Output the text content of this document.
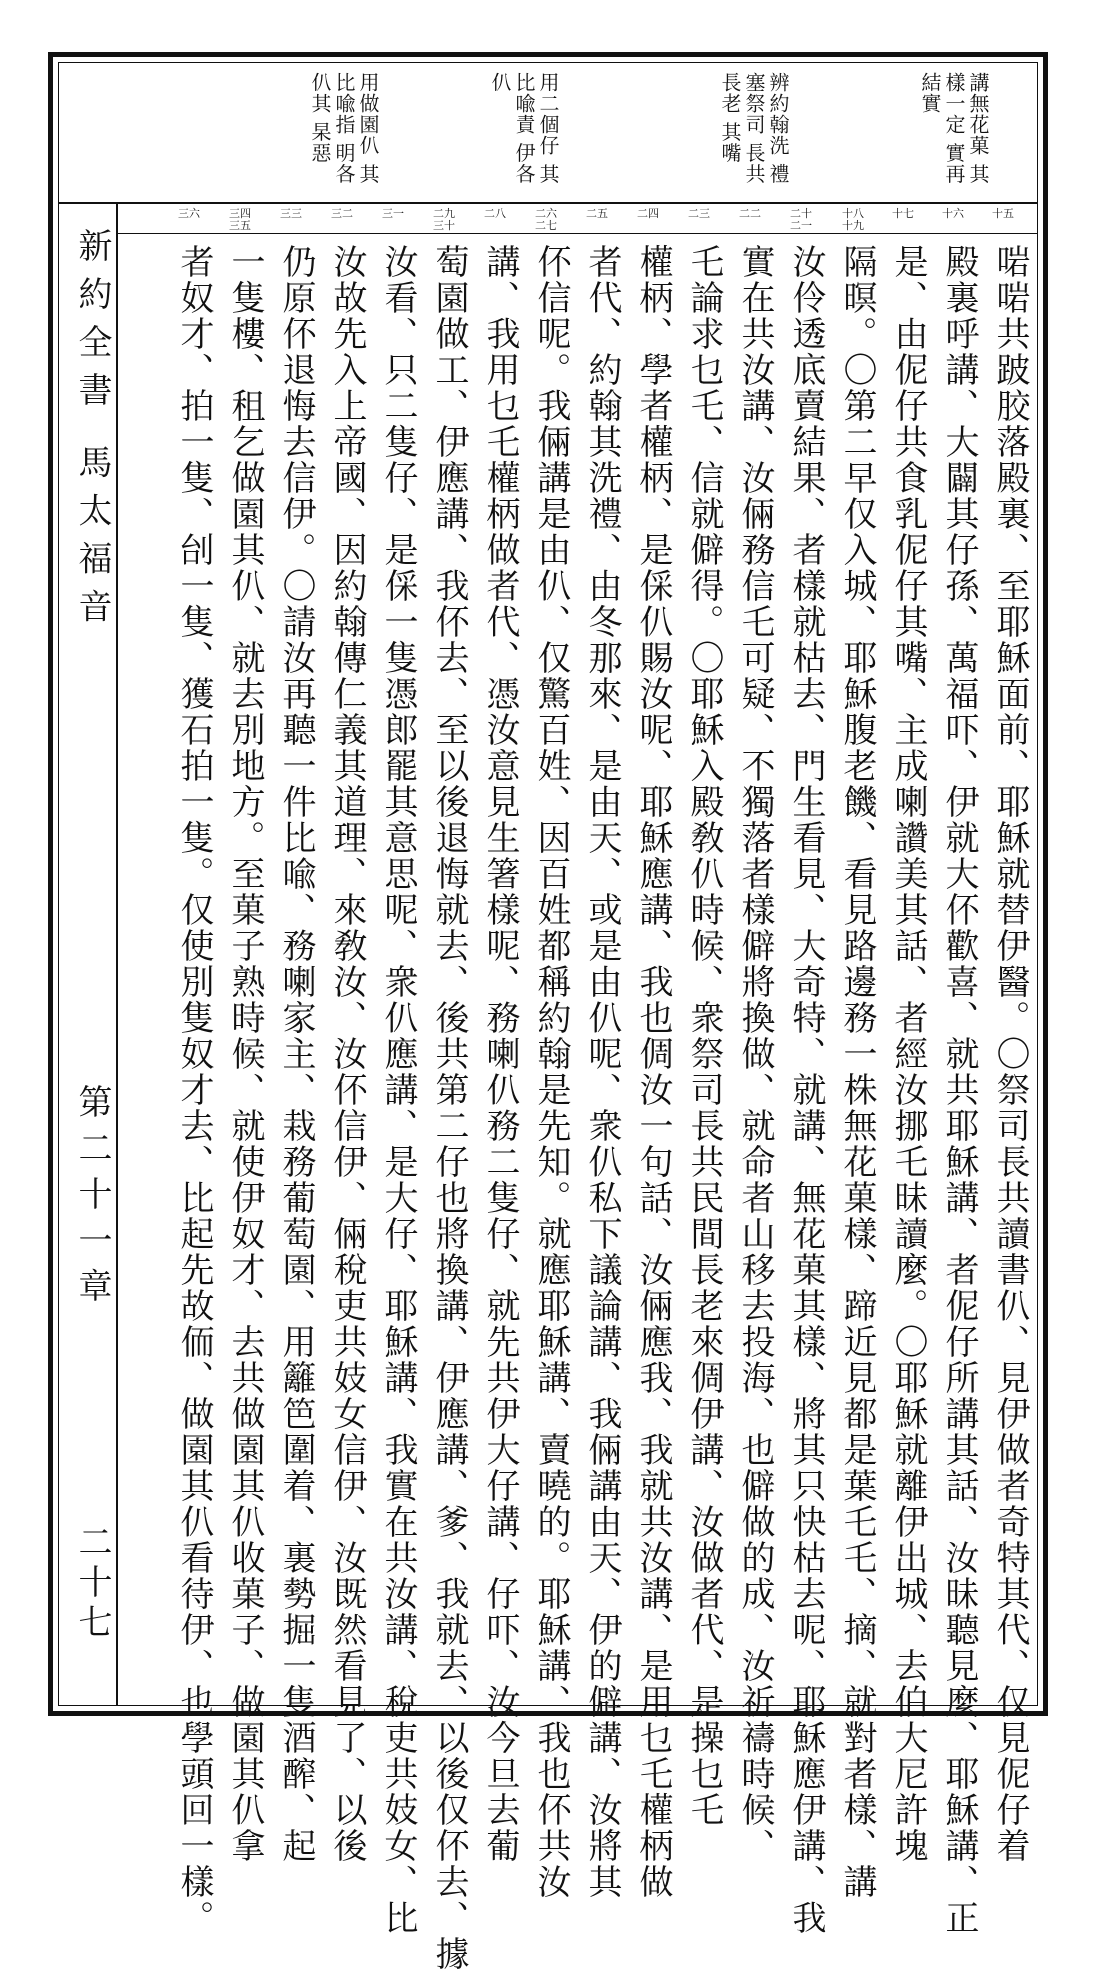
講無花菓 其樣一定 實再結實
辨約翰洗 禮塞祭司 長共長老 其嘴
用二個仔 其比喩責 伊各仈
用做園仈 其比喩指 明各仈其 杲惡
十五
十六
十七
十八十九
二十二一
二二
二三
二四
二五
二六二七
二八
二九三十
三一
三二
三三
三四三五
三六
啱啱共跛胶落殿裏、至耶穌面前、耶穌就替伊醫。〇祭司長共讀書仈、見伊做者奇特其代、仅見伲仔着
殿裏呼講、大闢其仔孫、萬福吓、伊就大伓歡喜、就共耶穌講、者伲仔所講其話、汝昧聽見麼、耶穌講、正
是、由伲仔共食乳伲仔其嘴、主成喇讚美其話、者經汝挪乇昧讀麼。〇耶穌就離伊出城、去伯大尼許塊
隔暝。〇第二早仅入城、耶穌腹老饑、看見路邊務一株無花菓樣、蹄近見都是葉乇乇、摘、就對者樣、講
汝伶透底賣結果、者樣就枯去、門生看見、大奇特、就講、無花菓其樣、將其只快枯去呢、耶穌應伊講、我
實在共汝講、汝倆務信乇可疑、不獨落者樣僻將換做、就命者山移去投海、也僻做的成、汝祈禱時候、
乇論求乜乇、信就僻得。〇耶穌入殿敎仈時候、衆祭司長共民間長老來倜伊講、汝做者代、是操乜乇
權柄、學者權柄、是倸仈賜汝呢、耶穌應講、我也倜汝一句話、汝倆應我、我就共汝講、是用乜乇權柄做
者代、約翰其洗禮、由冬那來、是由天、或是由仈呢、衆仈私下議論講、我倆講由天、伊的僻講、汝將其
伓信呢。我倆講是由仈、仅驚百姓、因百姓都稱約翰是先知。就應耶穌講、賣曉的。耶穌講、我也伓共汝
講、我用乜乇權柄做者代、憑汝意見生箸樣呢、務喇仈務二隻仔、就先共伊大仔講、仔吓、汝今旦去葡
萄園做工、伊應講、我伓去、至以後退悔就去、後共第二仔也將換講、伊應講、爹、我就去、以後仅伓去、據
汝看、只二隻仔、是倸一隻憑郎罷其意思呢、衆仈應講、是大仔、耶穌講、我實在共汝講、稅吏共妓女、比
汝故先入上帝國、因約翰傳仁義其道理、來敎汝、汝伓信伊、倆稅吏共妓女信伊、汝既然看見了、以後
仍原伓退悔去信伊。〇請汝再聽一件比喩、務喇家主、栽務葡萄園、用籬笆圍着、裏勢掘一隻酒醡、起
一隻樓、租乞做園其仈、就去別地方。至菓子熟時候、就使伊奴才、去共做園其仈收菓子、做園其仈拿
者奴才、拍一隻、刣一隻、獲石拍一隻。仅使別隻奴才去、比起先故侕、做園其仈看待伊、也學頭回一樣。
新約全書 馬太福音
第二十一章
二十七
